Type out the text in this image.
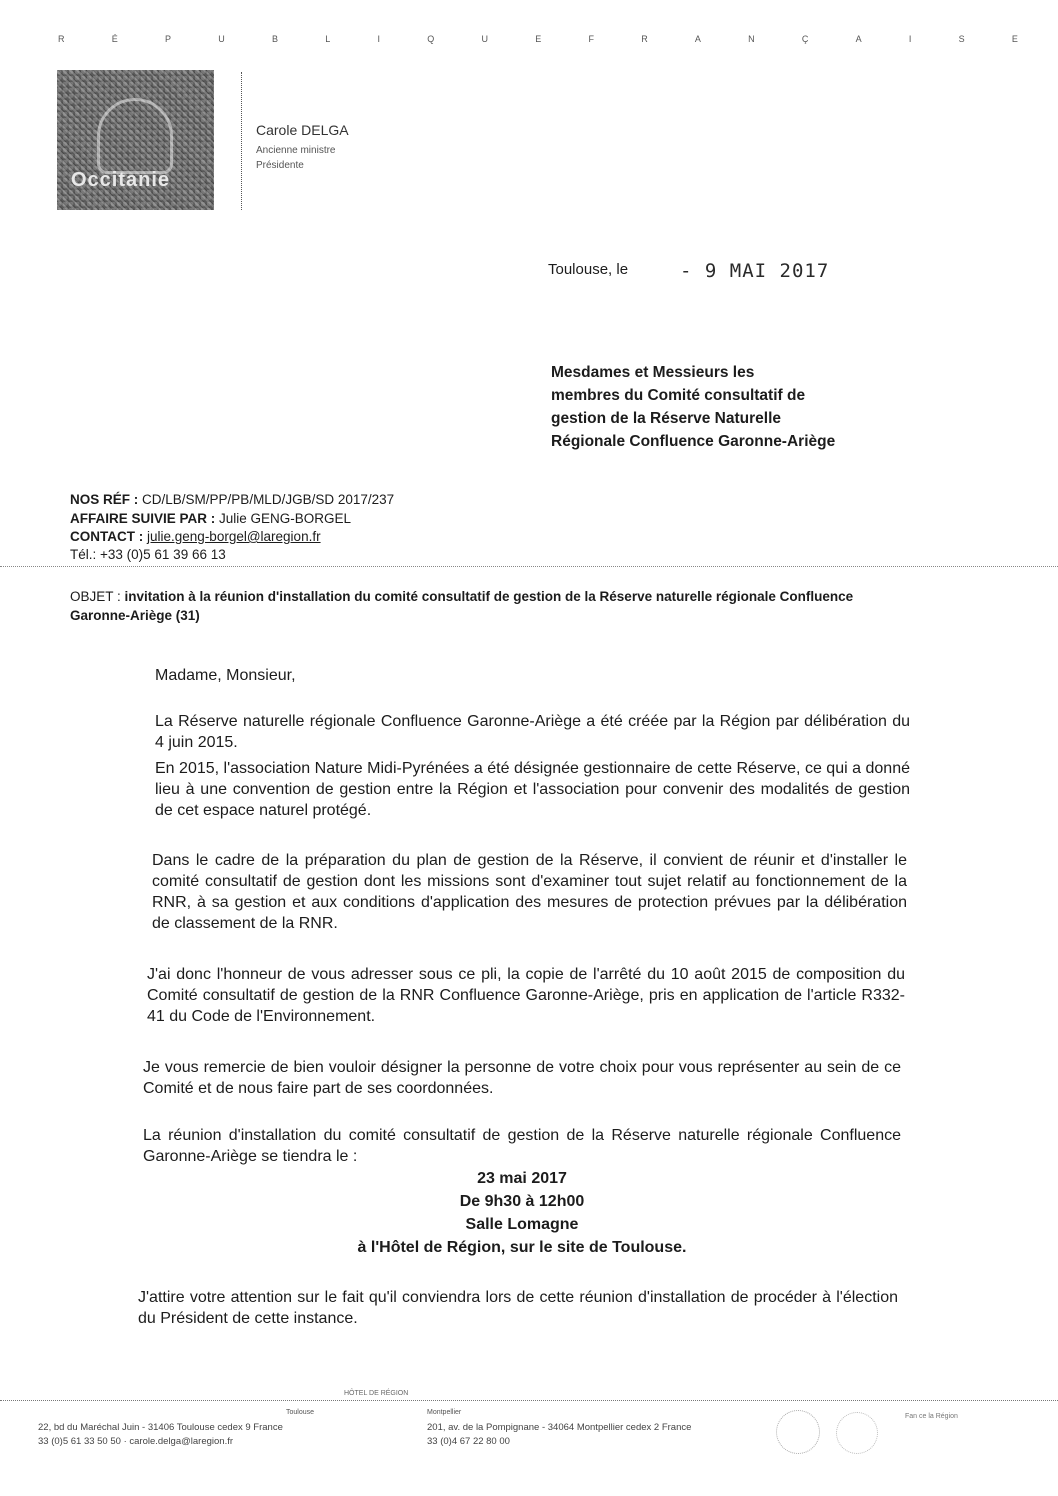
R	É	P	U	B	L	I	Q	U	E	F	R	A	N	Ç	A	I	S	E
Occitanie
Carole DELGA
Ancienne ministre
Présidente
Toulouse, le	- 9 MAI 2017
Mesdames et Messieurs les
membres du Comité consultatif de
gestion de la Réserve Naturelle
Régionale Confluence Garonne-Ariège
NOS RÉF : CD/LB/SM/PP/PB/MLD/JGB/SD 2017/237
AFFAIRE SUIVIE PAR : Julie GENG-BORGEL
CONTACT : julie.geng-borgel@laregion.fr
Tél.: +33 (0)5 61 39 66 13
OBJET : invitation à la réunion d'installation du comité consultatif de gestion de la Réserve naturelle régionale Confluence Garonne-Ariège (31)
Madame, Monsieur,
La Réserve naturelle régionale Confluence Garonne-Ariège a été créée par la Région par délibération du 4 juin 2015.
En 2015, l'association Nature Midi-Pyrénées a été désignée gestionnaire de cette Réserve, ce qui a donné lieu à une convention de gestion entre la Région et l'association pour convenir des modalités de gestion de cet espace naturel protégé.
Dans le cadre de la préparation du plan de gestion de la Réserve, il convient de réunir et d'installer le comité consultatif de gestion dont les missions sont d'examiner tout sujet relatif au fonctionnement de la RNR, à sa gestion et aux conditions d'application des mesures de protection prévues par la délibération de classement de la RNR.
J'ai donc l'honneur de vous adresser sous ce pli, la copie de l'arrêté du 10 août 2015 de composition du Comité consultatif de gestion de la RNR Confluence Garonne-Ariège, pris en application de l'article R332-41 du Code de l'Environnement.
Je vous remercie de bien vouloir désigner la personne de votre choix pour vous représenter au sein de ce Comité et de nous faire part de ses coordonnées.
La réunion d'installation du comité consultatif de gestion de la Réserve naturelle régionale Confluence Garonne-Ariège se tiendra le :
23 mai 2017
De 9h30 à 12h00
Salle Lomagne
à l'Hôtel de Région, sur le site de Toulouse.
J'attire votre attention sur le fait qu'il conviendra lors de cette réunion d'installation de procéder à l'élection du Président de cette instance.
HÔTEL DE RÉGION
Toulouse
22, bd du Maréchal Juin - 31406 Toulouse cedex 9 France
33 (0)5 61 33 50 50 · carole.delga@laregion.fr
Montpellier
201, av. de la Pompignane - 34064 Montpellier cedex 2 France
33 (0)4 67 22 80 00
Fan ce la Région
